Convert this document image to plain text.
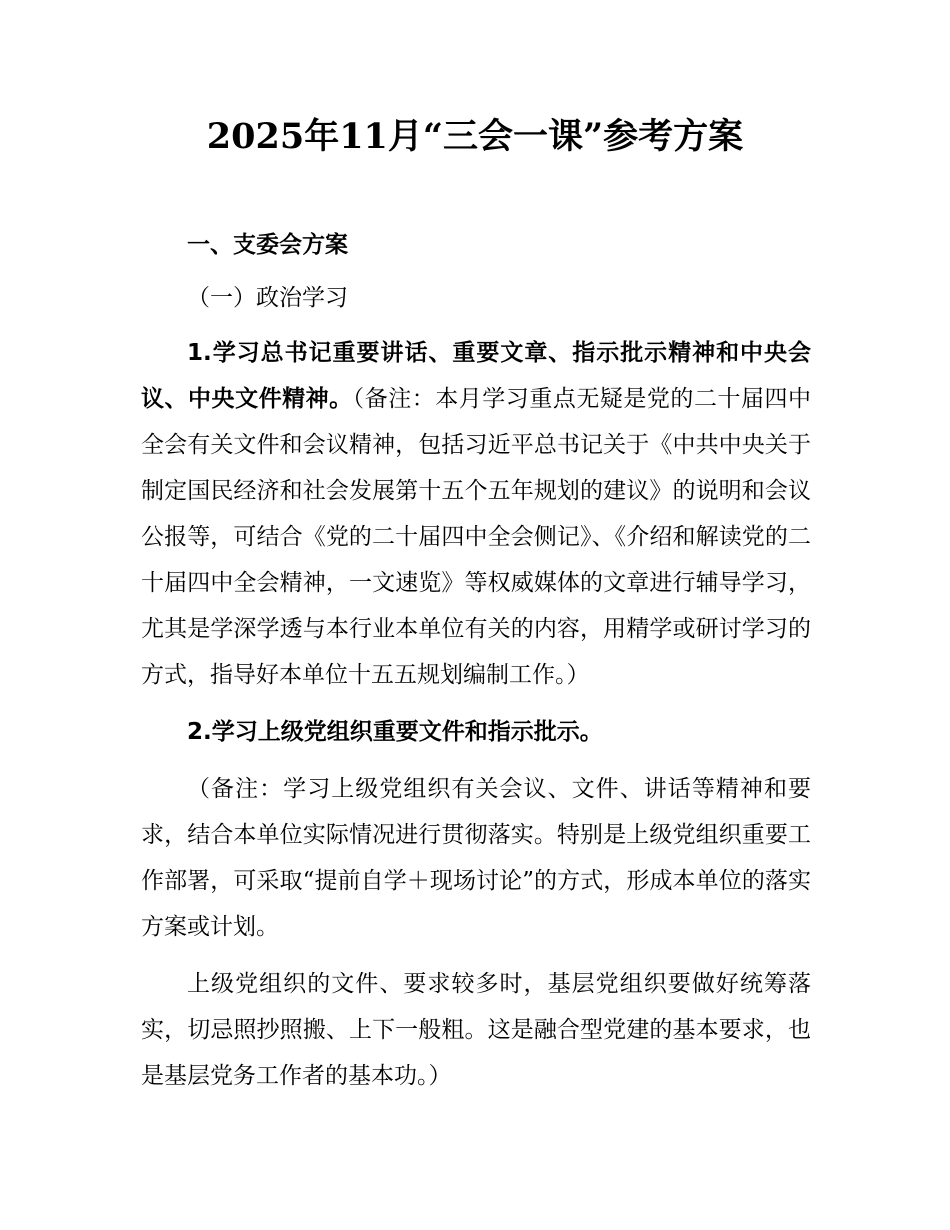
2025年11月“三会一课”参考方案

一、支委会方案

（一）政治学习

1.学习总书记重要讲话、重要文章、指示批示精神和中央会议、中央文件精神。（备注：本月学习重点无疑是党的二十届四中全会有关文件和会议精神，包括习近平总书记关于《中共中央关于制定国民经济和社会发展第十五个五年规划的建议》的说明和会议公报等，可结合《党的二十届四中全会侧记》、《介绍和解读党的二十届四中全会精神，一文速览》等权威媒体的文章进行辅导学习，尤其是学深学透与本行业本单位有关的内容，用精学或研讨学习的方式，指导好本单位十五五规划编制工作。）

2.学习上级党组织重要文件和指示批示。

（备注：学习上级党组织有关会议、文件、讲话等精神和要求，结合本单位实际情况进行贯彻落实。特别是上级党组织重要工作部署，可采取“提前自学＋现场讨论”的方式，形成本单位的落实方案或计划。

上级党组织的文件、要求较多时，基层党组织要做好统筹落实，切忌照抄照搬、上下一般粗。这是融合型党建的基本要求，也是基层党务工作者的基本功。）
